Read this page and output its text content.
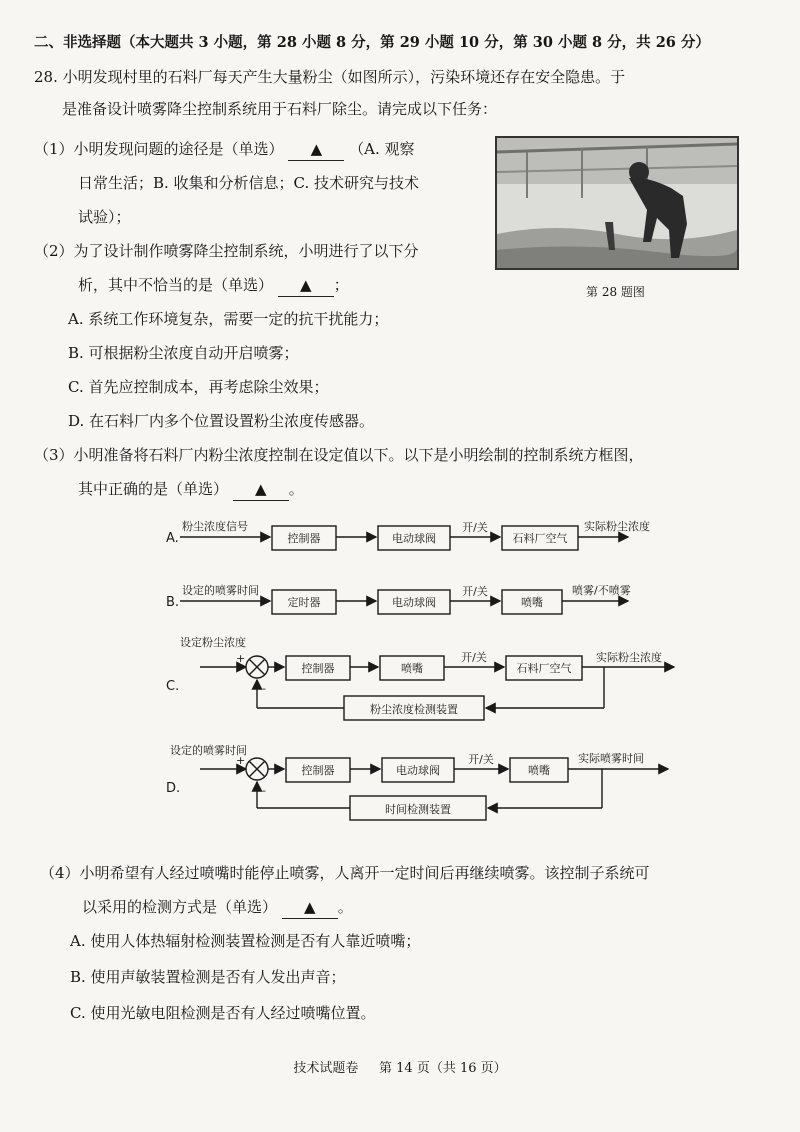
二、非选择题（本大题共 3 小题，第 28 小题 8 分，第 29 小题 10 分，第 30 小题 8 分，共 26 分）
28. 小明发现村里的石料厂每天产生大量粉尘（如图所示），污染环境还存在安全隐患。于
是准备设计喷雾降尘控制系统用于石料厂除尘。请完成以下任务：
（1）小明发现问题的途径是（单选） ▲ （A. 观察
日常生活；B. 收集和分析信息；C. 技术研究与技术
试验）；
第 28 题图
（2）为了设计制作喷雾降尘控制系统，小明进行了以下分
析，其中不恰当的是（单选） ▲ ；
A. 系统工作环境复杂，需要一定的抗干扰能力；
B. 可根据粉尘浓度自动开启喷雾；
C. 首先应控制成本，再考虑除尘效果；
D. 在石料厂内多个位置设置粉尘浓度传感器。
（3）小明准备将石料厂内粉尘浓度控制在设定值以下。以下是小明绘制的控制系统方框图，
其中正确的是（单选） ▲ 。
A.
粉尘浓度信号
控制器	电动球阀
开/关
石料厂空气
实际粉尘浓度
B.
设定的喷雾时间
定时器	电动球阀
开/关
喷嘴
喷雾/不喷雾
C.
设定粉尘浓度
+
-
控制器	喷嘴
开/关
石料厂空气
实际粉尘浓度
粉尘浓度检测装置
D.
设定的喷雾时间
+
-
控制器	电动球阀
开/关
喷嘴
实际喷雾时间
时间检测装置
（4）小明希望有人经过喷嘴时能停止喷雾，人离开一定时间后再继续喷雾。该控制子系统可
以采用的检测方式是（单选） ▲ 。
A. 使用人体热辐射检测装置检测是否有人靠近喷嘴；
B. 使用声敏装置检测是否有人发出声音；
C. 使用光敏电阻检测是否有人经过喷嘴位置。
技术试题卷 第 14 页（共 16 页）
